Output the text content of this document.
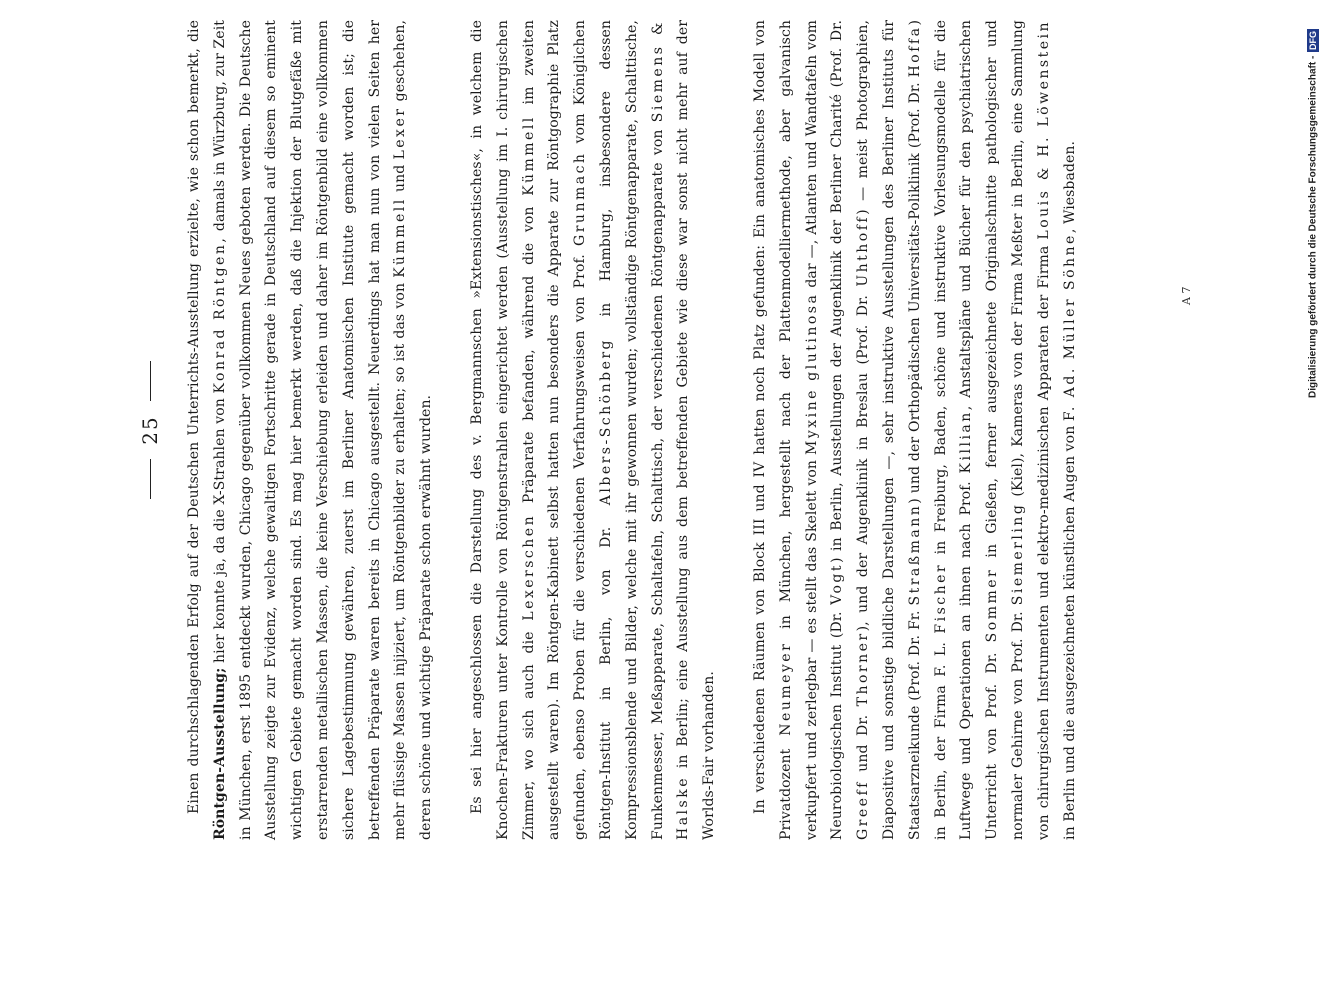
25 Einen durchschlagenden Erfolg auf der Deutschen Unterrichts-Ausstellung erzielte, wie schon bemerkt, die Röntgen-Ausstellung; hier konnte ja, da die X-Strahlen von Konrad Röntgen, damals in Würzburg, zur Zeit in München, erst 1895 entdeckt wurden, Chicago gegenüber vollkommen Neues geboten werden. Die Deutsche Ausstellung zeigte zur Evidenz, welche gewaltigen Fortschritte gerade in Deutschland auf diesem so eminent wichtigen Gebiete gemacht worden sind. Es mag hier bemerkt werden, daß die Injektion der Blutgefäße mit erstarrenden metallischen Massen, die keine Verschiebung erleiden und daher im Röntgenbild eine vollkommen sichere Lagebestimmung gewähren, zuerst im Berliner Anatomischen Institute gemacht worden ist; die betreffenden Präparate waren bereits in Chicago ausgestellt. Neuerdings hat man nun von vielen Seiten her mehr flüssige Massen injiziert, um Röntgenbilder zu erhalten; so ist das von Kümmell und Lexer geschehen, deren schöne und wichtige Präparate schon erwähnt wurden.	Es sei hier angeschlossen die Darstellung des v. Bergmannschen »Extensionstisches«, in welchem die Knochen-Frakturen unter Kontrolle von Röntgenstrahlen eingerichtet werden (Ausstellung im I. chirurgischen Zimmer, wo sich auch die Lexerschen Präparate befanden, während die von Kümmell im zweiten ausgestellt waren). Im Röntgen-Kabinett selbst hatten nun besonders die Apparate zur Röntgographie Platz gefunden, ebenso Proben für die verschiedenen Verfahrungsweisen von Prof. Grunmach vom Königlichen Röntgen-Institut in Berlin, von Dr. Albers-Schönberg in Hamburg, insbesondere dessen Kompressionsblende und Bilder, welche mit ihr gewonnen wurden; vollständige Röntgenapparate, Schalttische, Funkenmesser, Meßapparate, Schaltafeln, Schalttisch, der verschiedenen Röntgenapparate von Siemens & Halske in Berlin; eine Ausstellung aus dem betreffenden Gebiete wie diese war sonst nicht mehr auf der Worlds-Fair vorhanden.	In verschiedenen Räumen von Block III und IV hatten noch Platz gefunden: Ein anatomisches Modell von Privatdozent Neumeyer in München, hergestellt nach der Plattenmodelliermethode, aber galvanisch verkupfert und zerlegbar — es stellt das Skelett von Myxine glutinosa dar —, Atlanten und Wandtafeln vom Neurobiologischen Institut (Dr. Vogt) in Berlin, Ausstellungen der Augenklinik der Berliner Charité (Prof. Dr. Greeff und Dr. Thorner), und der Augenklinik in Breslau (Prof. Dr. Uhthoff) — meist Photographien, Diapositive und sonstige bildliche Darstellungen —, sehr instruktive Ausstellungen des Berliner Instituts für Staatsarzneikunde (Prof. Dr. Fr. Straßmann) und der Orthopädischen Universitäts-Poliklinik (Prof. Dr. Hoffa) in Berlin, der Firma F. L. Fischer in Freiburg, Baden, schöne und instruktive Vorlesungsmodelle für die Luftwege und Operationen an ihnen nach Prof. Killian, Anstaltspläne und Bücher für den psychiatrischen Unterricht von Prof. Dr. Sommer in Gießen, ferner ausgezeichnete Originalschnitte pathologischer und normaler Gehirne von Prof. Dr. Siemerling (Kiel), Kameras von der Firma Meßter in Berlin, eine Sammlung von chirurgischen Instrumenten und elektro-medizinischen Apparaten der Firma Louis & H. Löwenstein in Berlin und die ausgezeichneten künstlichen Augen von F. Ad. Müller Söhne, Wiesbaden.

A 7	Digitalisierung gefördert durch die Deutsche Forschungsgemeinschaft -
DFG
